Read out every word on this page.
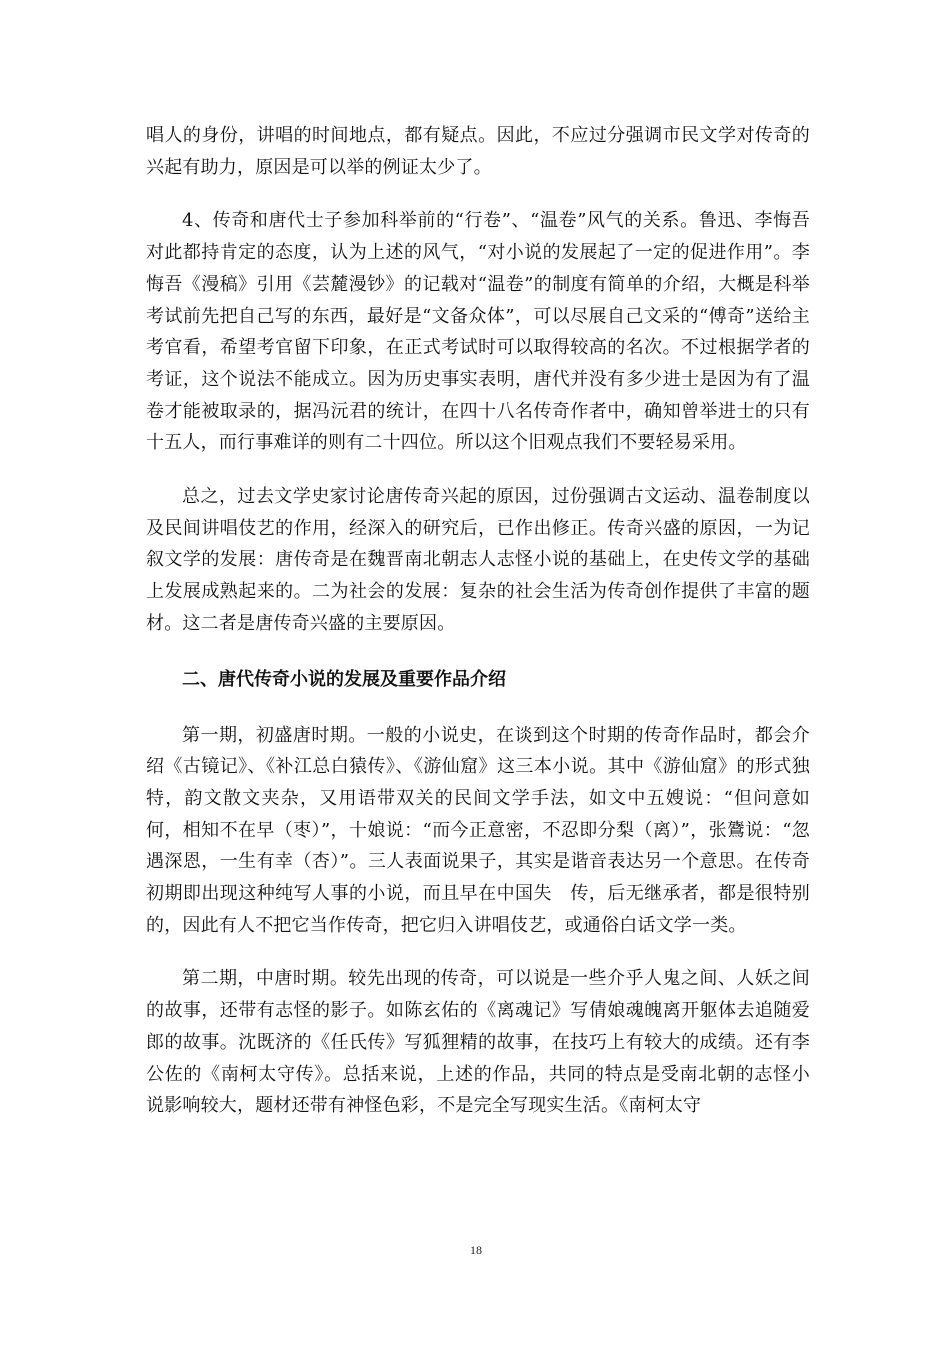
唱人的身份，讲唱的时间地点，都有疑点。因此，不应过分强调市民文学对传奇的兴起有助力，原因是可以举的例证太少了。

4、传奇和唐代士子参加科举前的“行卷”、“温卷”风气的关系。鲁迅、李悔吾对此都持肯定的态度，认为上述的风气，“对小说的发展起了一定的促进作用”。李悔吾《漫稿》引用《芸麓漫钞》的记载对“温卷”的制度有简单的介绍，大概是科举考试前先把自己写的东西，最好是“文备众体”，可以尽展自己文采的“傅奇”送给主考官看，希望考官留下印象，在正式考试时可以取得较高的名次。不过根据学者的考证，这个说法不能成立。因为历史事实表明，唐代并没有多少进士是因为有了温卷才能被取录的，据冯沅君的统计，在四十八名传奇作者中，确知曾举进士的只有十五人，而行事难详的则有二十四位。所以这个旧观点我们不要轻易采用。

总之，过去文学史家讨论唐传奇兴起的原因，过份强调古文运动、温卷制度以及民间讲唱伎艺的作用，经深入的研究后，已作出修正。传奇兴盛的原因，一为记叙文学的发展：唐传奇是在魏晋南北朝志人志怪小说的基础上，在史传文学的基础上发展成熟起来的。二为社会的发展：复杂的社会生活为传奇创作提供了丰富的题材。这二者是唐传奇兴盛的主要原因。

二、唐代传奇小说的发展及重要作品介绍

第一期，初盛唐时期。一般的小说史，在谈到这个时期的传奇作品时，都会介绍《古镜记》、《补江总白猿传》、《游仙窟》这三本小说。其中《游仙窟》的形式独特，韵文散文夹杂，又用语带双关的民间文学手法，如文中五嫂说：“但问意如何，相知不在早（枣）”，十娘说：“而今正意密，不忍即分梨（离）”，张鷟说：“忽遇深恩，一生有幸（杏）”。三人表面说果子，其实是谐音表达另一个意思。在传奇初期即出现这种纯写人事的小说，而且早在中国失　传，后无继承者，都是很特别的，因此有人不把它当作传奇，把它归入讲唱伎艺，或通俗白话文学一类。

第二期，中唐时期。较先出现的传奇，可以说是一些介乎人鬼之间、人妖之间的故事，还带有志怪的影子。如陈玄佑的《离魂记》写倩娘魂魄离开躯体去追随爱郎的故事。沈既济的《任氏传》写狐狸精的故事，在技巧上有较大的成绩。还有李公佐的《南柯太守传》。总括来说，上述的作品，共同的特点是受南北朝的志怪小说影响较大，题材还带有神怪色彩，不是完全写现实生活。《南柯太守

18
